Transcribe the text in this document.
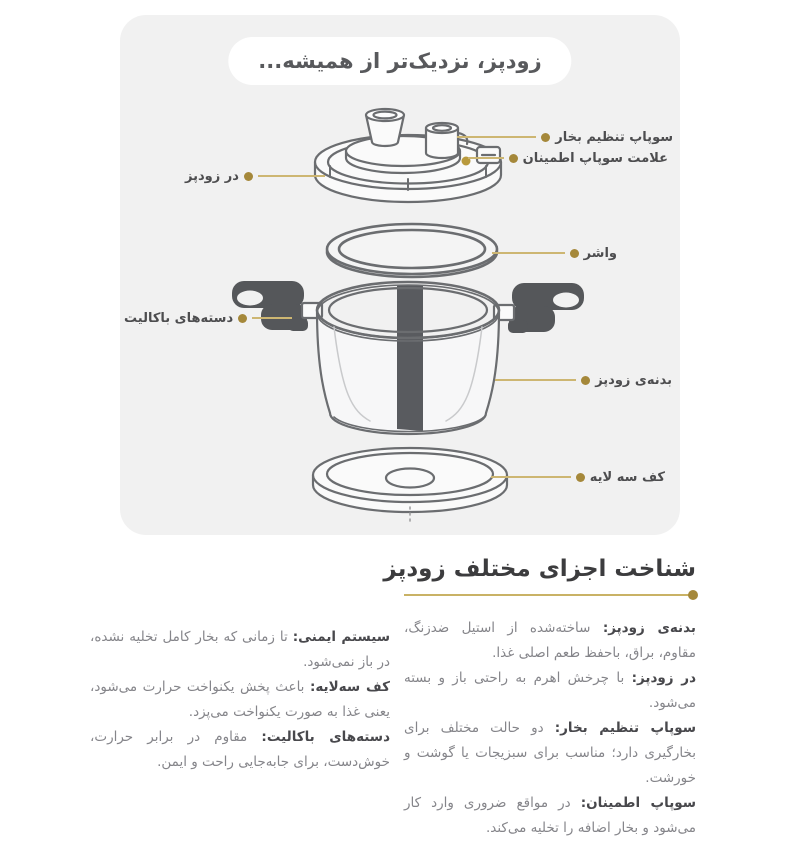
زودپز، نزدیک‌تر از همیشه...
سوپاپ تنظیم بخار
علامت سوپاپ اطمینان
در زودپز
واشر
دسته‌های باکالیت
بدنه‌ی زودپز
کف سه لایه
شناخت اجزای مختلف زودپز

بدنه‌ی زودپز: ساخته‌شده از استیل ضدزنگ، مقاوم، براق، باحفظ طعم اصلی غذا.

در زودپز: با چرخش اهرم به راحتی باز و بسته می‌شود.

سوپاپ تنظیم بخار: دو حالت مختلف برای بخارگیری دارد؛ مناسب برای سبزیجات یا گوشت و خورشت.

سوپاپ اطمینان: در مواقع ضروری وارد کار می‌شود و بخار اضافه را تخلیه می‌کند.

سیستم ایمنی: تا زمانی که بخار کامل تخلیه نشده، در باز نمی‌شود.

کف سه‌لایه: باعث پخش یکنواخت حرارت می‌شود، یعنی غذا به صورت یکنواخت می‌پزد.

دسته‌های باکالیت: مقاوم در برابر حرارت، خوش‌دست، برای جابه‌جایی راحت و ایمن.
